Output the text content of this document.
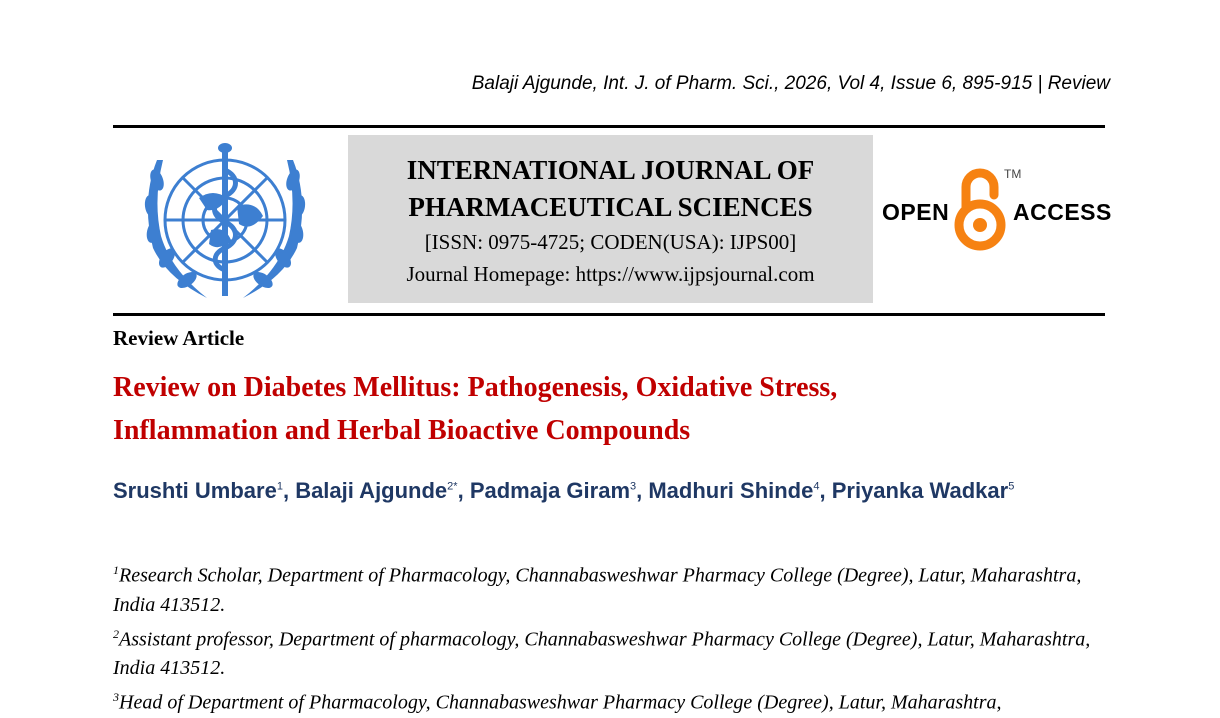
Balaji Ajgunde, Int. J. of Pharm. Sci., 2026, Vol 4, Issue 6, 895-915 | Review
INTERNATIONAL JOURNAL OF
PHARMACEUTICAL SCIENCES
[ISSN: 0975-4725; CODEN(USA): IJPS00]
Journal Homepage: https://www.ijpsjournal.com
OPEN
TM
ACCESS
Review Article
Review on Diabetes Mellitus: Pathogenesis, Oxidative Stress,
Inflammation and Herbal Bioactive Compounds
Srushti Umbare$^1$, Balaji Ajgunde$^{2*}$, Padmaja Giram$^3$, Madhuri Shinde$^4$, Priyanka Wadkar$^5$

$^1$Research Scholar, Department of Pharmacology, Channabasweshwar Pharmacy College (Degree), Latur, Maharashtra, India 413512.

$^2$Assistant professor, Department of pharmacology, Channabasweshwar Pharmacy College (Degree), Latur, Maharashtra, India 413512.

$^3$Head of Department of Pharmacology, Channabasweshwar Pharmacy College (Degree), Latur, Maharashtra,
